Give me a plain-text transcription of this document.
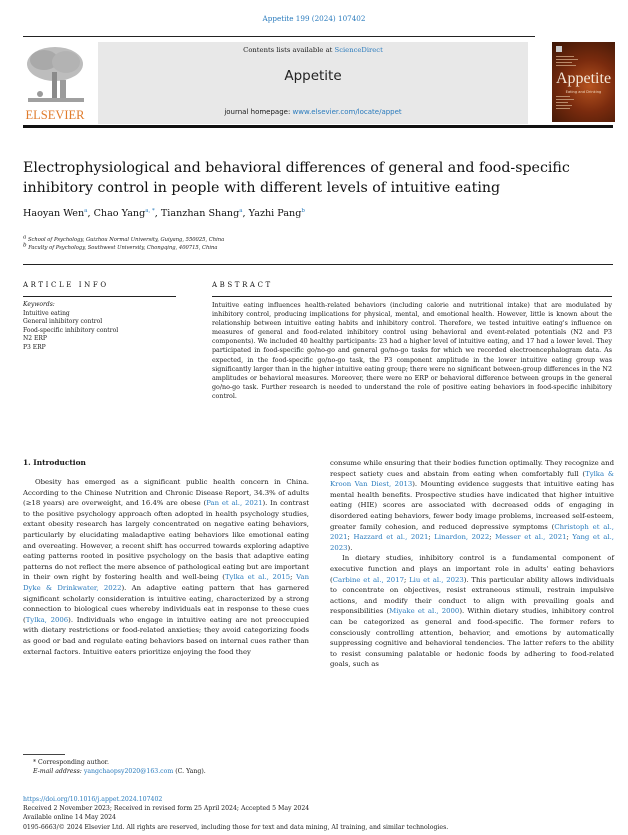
Appetite 199 (2024) 107402
ELSEVIER
Contents lists available at ScienceDirect
Appetite
journal homepage: www.elsevier.com/locate/appet
Appetite
Eating and Drinking
Electrophysiological and behavioral differences of general and food-specific inhibitory control in people with different levels of intuitive eating
Haoyan Wen$^a$, Chao Yang$^{a, *}$, Tianzhan Shang$^a$, Yazhi Pang$^b$
$^a$ School of Psychology, Guizhou Normal University, Guiyang, 550025, China
$^b$ Faculty of Psychology, Southwest University, Chongqing, 400715, China
ARTICLE INFO	ABSTRACT
Keywords:
Intuitive eating
General inhibitory control
Food-specific inhibitory control
N2 ERP
P3 ERP
Intuitive eating influences health-related behaviors (including calorie and nutritional intake) that are modulated by inhibitory control, producing implications for physical, mental, and emotional health. However, little is known about the relationship between intuitive eating habits and inhibitory control. Therefore, we tested intuitive eating's influence on measures of general and food-related inhibitory control using behavioral and event-related potentials (N2 and P3 components). We included 40 healthy participants: 23 had a higher level of intuitive eating, and 17 had a lower level. They participated in food-specific go/no-go and general go/no-go tasks for which we recorded electroencephalogram data. As expected, in the food-specific go/no-go task, the P3 component amplitude in the lower intuitive eating group was significantly larger than in the higher intuitive eating group; there were no significant between-group differences in the N2 amplitudes or behavioral measures. Moreover, there were no ERP or behavioral difference between groups in the general go/no-go task. Further research is needed to understand the role of positive eating behaviors in food-specific inhibitory control.
1. Introduction

Obesity has emerged as a significant public health concern in China. According to the Chinese Nutrition and Chronic Disease Report, 34.3% of adults (≥18 years) are overweight, and 16.4% are obese (Pan et al., 2021). In contrast to the positive psychology approach often adopted in health psychology studies, extant obesity research has largely concentrated on negative eating behaviors, particularly by elucidating maladaptive eating behaviors like emotional eating and overeating. However, a recent shift has occurred towards exploring adaptive eating patterns rooted in positive psychology on the basis that adaptive eating patterns do not reflect the mere absence of pathological eating but are important in their own right by fostering health and well-being (Tylka et al., 2015; Van Dyke & Drinkwater, 2022). An adaptive eating pattern that has garnered significant scholarly consideration is intuitive eating, characterized by a strong connection to biological cues whereby individuals eat in response to these cues (Tylka, 2006). Individuals who engage in intuitive eating are not preoccupied with dietary restrictions or food-related anxieties; they avoid categorizing foods as good or bad and regulate eating behaviors based on internal cues rather than external factors. Intuitive eaters prioritize enjoying the food they

consume while ensuring that their bodies function optimally. They recognize and respect satiety cues and abstain from eating when comfortably full (Tylka & Kroon Van Diest, 2013). Mounting evidence suggests that intuitive eating has mental health benefits. Prospective studies have indicated that higher intuitive eating (HIE) scores are associated with decreased odds of engaging in disordered eating behaviors, fewer body image problems, increased self-esteem, greater family cohesion, and reduced depressive symptoms (Christoph et al., 2021; Hazzard et al., 2021; Linardon, 2022; Messer et al., 2021; Yang et al., 2023).

In dietary studies, inhibitory control is a fundamental component of executive function and plays an important role in adults' eating behaviors (Carbine et al., 2017; Liu et al., 2023). This particular ability allows individuals to concentrate on objectives, resist extraneous stimuli, restrain impulsive actions, and modify their conduct to align with prevailing goals and responsibilities (Miyake et al., 2000). Within dietary studies, inhibitory control can be categorized as general and food-specific. The former refers to consciously controlling attention, behavior, and emotions by automatically suppressing cognitive and behavioral tendencies. The latter refers to the ability to resist consuming palatable or hedonic foods by adhering to food-related goals, such as

* Corresponding author.
E-mail address: yangchaopsy2020@163.com (C. Yang).
https://doi.org/10.1016/j.appet.2024.107402
Received 2 November 2023; Received in revised form 25 April 2024; Accepted 5 May 2024
Available online 14 May 2024
0195-6663/© 2024 Elsevier Ltd. All rights are reserved, including those for text and data mining, AI training, and similar technologies.
